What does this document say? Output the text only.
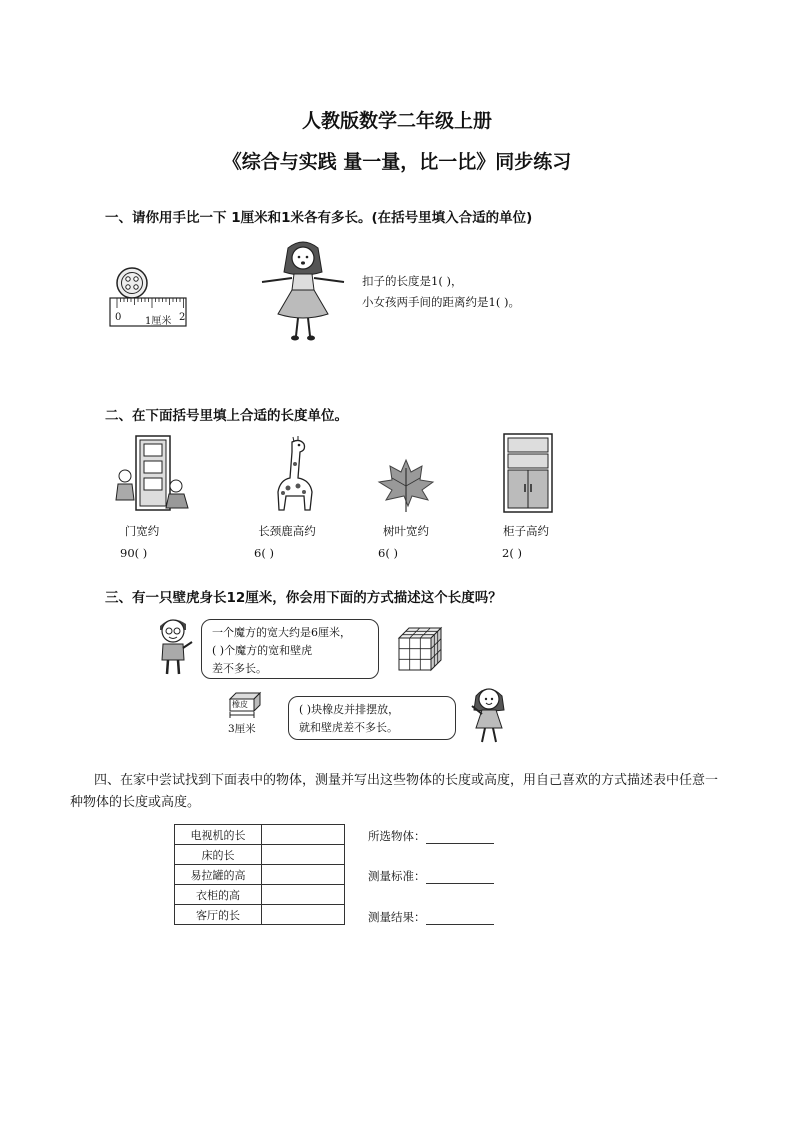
人教版数学二年级上册
《综合与实践 量一量，比一比》同步练习
一、请你用手比一下 1厘米和1米各有多长。(在括号里填入合适的单位)
0 1厘米 2
扣子的长度是1( )，
小女孩两手间的距离约是1( )。
二、在下面括号里填上合适的长度单位。
门宽约	长颈鹿高约	树叶宽约	柜子高约
90( )	6( )	6( )	2( )
三、有一只壁虎身长12厘米，你会用下面的方式描述这个长度吗？
一个魔方的宽大约是6厘米，
( )个魔方的宽和壁虎
差不多长。
橡皮
3厘米
( )块橡皮并排摆放，
就和壁虎差不多长。
四、在家中尝试找到下面表中的物体，测量并写出这些物体的长度或高度，用自己喜欢的方式描述表中任意一种物体的长度或高度。
电视机的长	
床的长	
易拉罐的高	
衣柜的高	
客厅的长	
所选物体：
测量标准：
测量结果：
